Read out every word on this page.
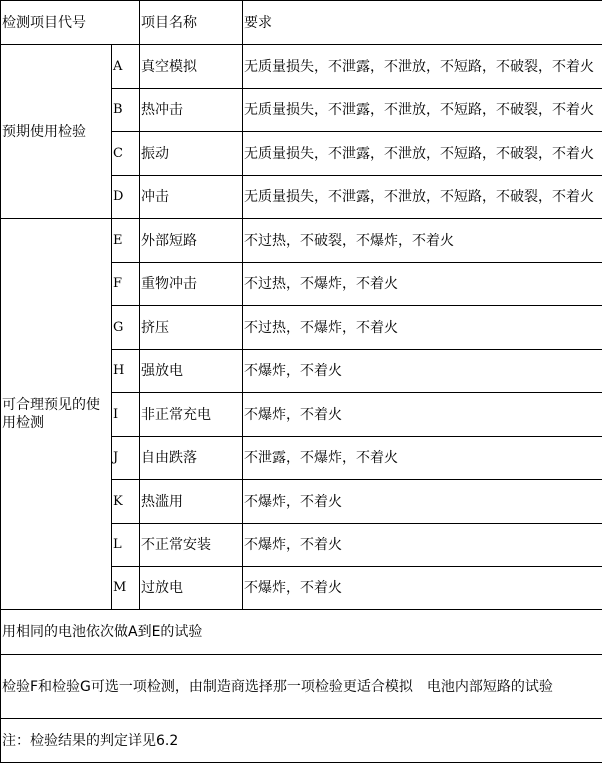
检测项目代号		项目名称	要求
预期使用检验	A	真空模拟	无质量损失，不泄露，不泄放，不短路，不破裂，不着火
	B	热冲击	无质量损失，不泄露，不泄放，不短路，不破裂，不着火
	C	振动	无质量损失，不泄露，不泄放，不短路，不破裂，不着火
	D	冲击	无质量损失，不泄露，不泄放，不短路，不破裂，不着火
可合理预见的使用检测	E	外部短路	不过热，不破裂，不爆炸，不着火
	F	重物冲击	不过热，不爆炸，不着火
	G	挤压	不过热，不爆炸，不着火
	H	强放电	不爆炸，不着火
	I	非正常充电	不爆炸，不着火
	J	自由跌落	不泄露，不爆炸，不着火
	K	热滥用	不爆炸，不着火
	L	不正常安装	不爆炸，不着火
	M	过放电	不爆炸，不着火
用相同的电池依次做A到E的试验			
检验F和检验G可选一项检测，由制造商选择那一项检验更适合模拟　电池内部短路的试验			
注：检验结果的判定详见6.2			
